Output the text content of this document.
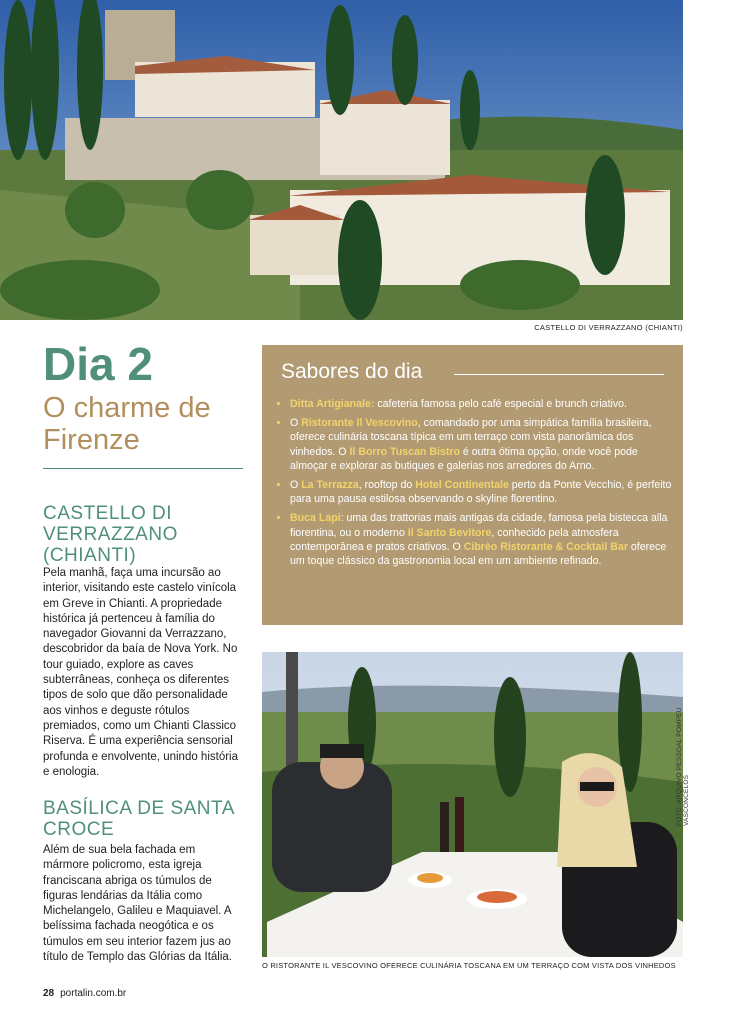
CASTELLO DI VERRAZZANO (CHIANTI)
Dia 2
O charme de Firenze
CASTELLO DI VERRAZZANO (CHIANTI)
Pela manhã, faça uma incursão ao interior, visitando este castelo vinícola em Greve in Chianti. A propriedade histórica já pertenceu à família do navegador Giovanni da Verrazzano, descobridor da baía de Nova York. No tour guiado, explore as caves subterrâneas, conheça os diferentes tipos de solo que dão personalidade aos vinhos e deguste rótulos premiados, como um Chianti Classico Riserva. É uma experiência sensorial profunda e envolvente, unindo história e enologia.
BASÍLICA DE SANTA CROCE
Além de sua bela fachada em mármore policromo, esta igreja franciscana abriga os túmulos de figuras lendárias da Itália como Michelangelo, Galileu e Maquiavel. A belíssima fachada neogótica e os túmulos em seu interior fazem jus ao título de Templo das Glórias da Itália.
Sabores do dia
• Ditta Artigianale: cafeteria famosa pelo café especial e brunch criativo.
• O Ristorante Il Vescovino, comandado por uma simpática família brasileira, oferece culinária toscana típica em um terraço com vista panorâmica dos vinhedos. O Il Borro Tuscan Bistro é outra ótima opção, onde você pode almoçar e explorar as butiques e galerias nos arredores do Arno.
• O La Terrazza, rooftop do Hotel Continentale perto da Ponte Vecchio, é perfeito para uma pausa estilosa observando o skyline florentino.
• Buca Lapi: uma das trattorias mais antigas da cidade, famosa pela bistecca alla fiorentina, ou o moderno Il Santo Bevitore, conhecido pela atmosfera contemporânea e pratos criativos. O Cibrèo Ristorante & Cocktail Bar oferece um toque clássico da gastronomia local em um ambiente refinado.
FOTO: ARQUIVO PESSOAL POMPEU VASCONCELOS
O RISTORANTE IL VESCOVINO OFERECE CULINÁRIA TOSCANA EM UM TERRAÇO COM VISTA DOS VINHEDOS
28 portalin.com.br
